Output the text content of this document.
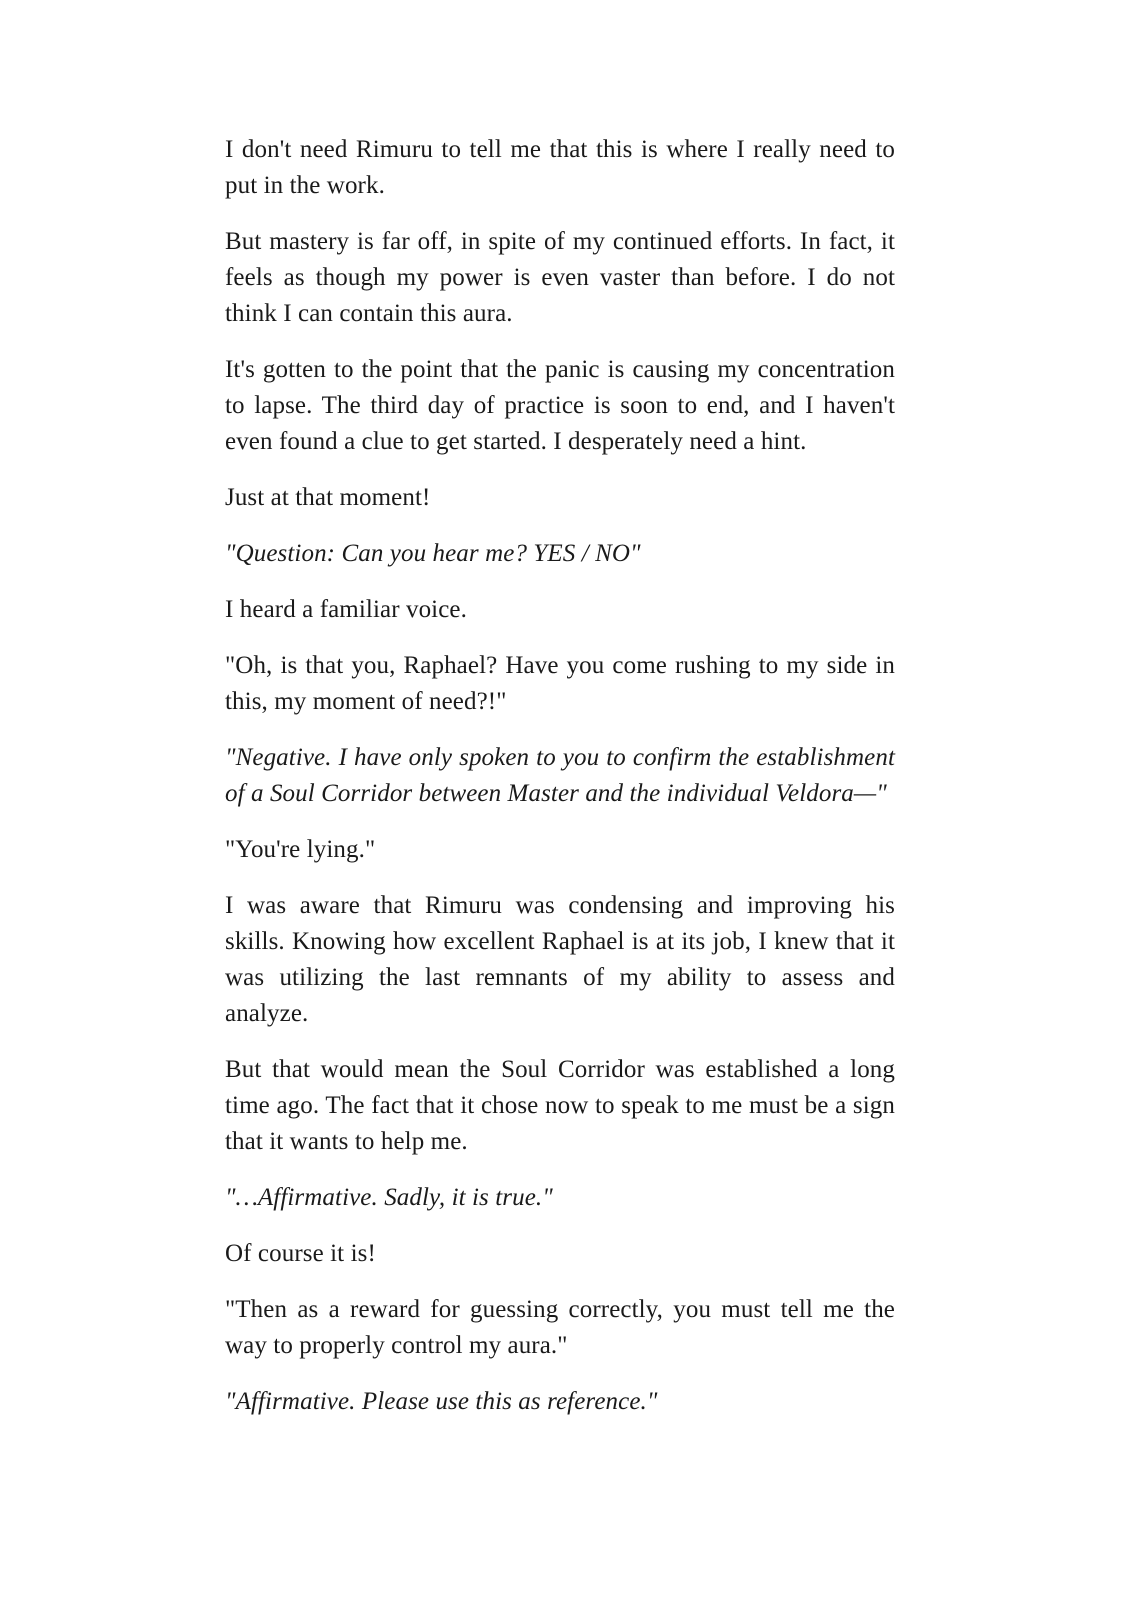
I don't need Rimuru to tell me that this is where I really need to put in the work.

But mastery is far off, in spite of my continued efforts. In fact, it feels as though my power is even vaster than before. I do not think I can contain this aura.

It's gotten to the point that the panic is causing my concentration to lapse. The third day of practice is soon to end, and I haven't even found a clue to get started. I desperately need a hint.

Just at that moment!

"Question: Can you hear me? YES / NO"

I heard a familiar voice.

"Oh, is that you, Raphael? Have you come rushing to my side in this, my moment of need?!"

"Negative. I have only spoken to you to confirm the establishment of a Soul Corridor between Master and the individual Veldora—"

"You're lying."

I was aware that Rimuru was condensing and improving his skills. Knowing how excellent Raphael is at its job, I knew that it was utilizing the last remnants of my ability to assess and analyze.

But that would mean the Soul Corridor was established a long time ago. The fact that it chose now to speak to me must be a sign that it wants to help me.

"…Affirmative. Sadly, it is true."

Of course it is!

"Then as a reward for guessing correctly, you must tell me the way to properly control my aura."

"Affirmative. Please use this as reference."
